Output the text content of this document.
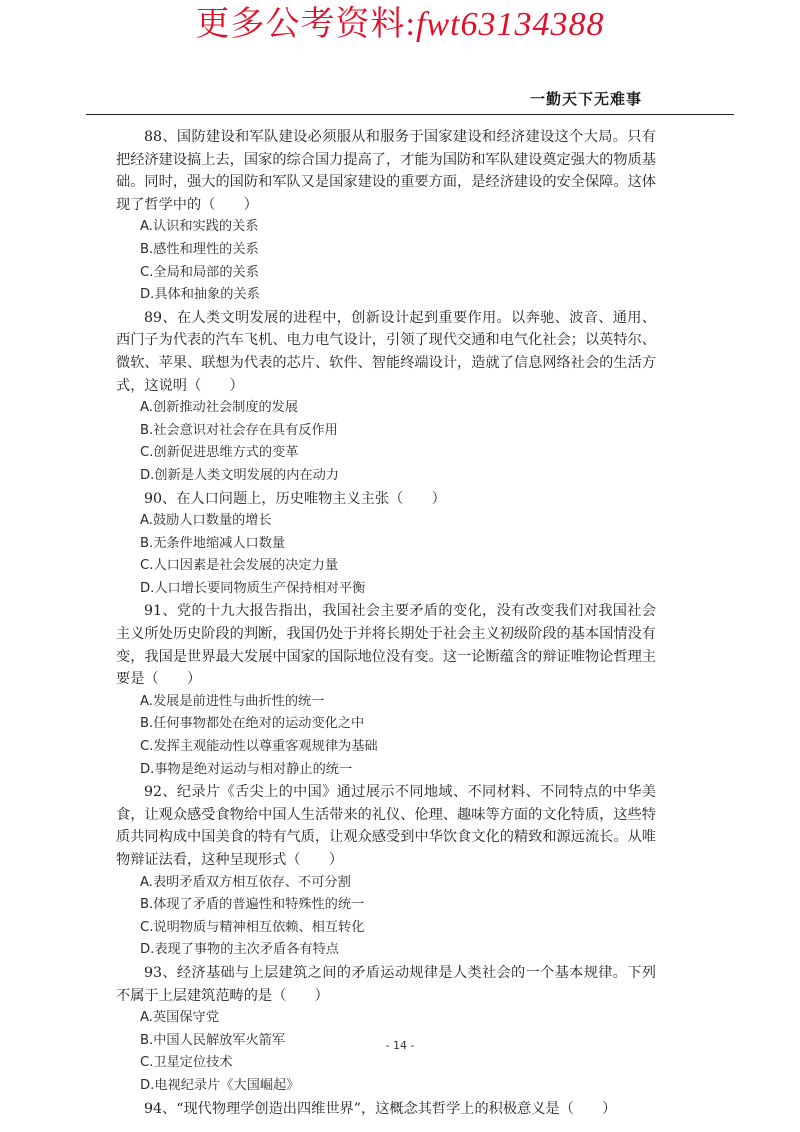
更多公考资料:fwt63134388
一勤天下无难事

88、国防建设和军队建设必须服从和服务于国家建设和经济建设这个大局。只有把经济建设搞上去，国家的综合国力提高了，才能为国防和军队建设奠定强大的物质基础。同时，强大的国防和军队又是国家建设的重要方面，是经济建设的安全保障。这体现了哲学中的（　　）

A.认识和实践的关系

B.感性和理性的关系

C.全局和局部的关系

D.具体和抽象的关系

89、在人类文明发展的进程中，创新设计起到重要作用。以奔驰、波音、通用、西门子为代表的汽车飞机、电力电气设计，引领了现代交通和电气化社会；以英特尔、微软、苹果、联想为代表的芯片、软件、智能终端设计，造就了信息网络社会的生活方式，这说明（　　）

A.创新推动社会制度的发展

B.社会意识对社会存在具有反作用

C.创新促进思维方式的变革

D.创新是人类文明发展的内在动力

90、在人口问题上，历史唯物主义主张（　　）

A.鼓励人口数量的增长

B.无条件地缩减人口数量

C.人口因素是社会发展的决定力量

D.人口增长要同物质生产保持相对平衡

91、党的十九大报告指出，我国社会主要矛盾的变化，没有改变我们对我国社会主义所处历史阶段的判断，我国仍处于并将长期处于社会主义初级阶段的基本国情没有变，我国是世界最大发展中国家的国际地位没有变。这一论断蕴含的辩证唯物论哲理主要是（　　）

A.发展是前进性与曲折性的统一

B.任何事物都处在绝对的运动变化之中

C.发挥主观能动性以尊重客观规律为基础

D.事物是绝对运动与相对静止的统一

92、纪录片《舌尖上的中国》通过展示不同地域、不同材料、不同特点的中华美食，让观众感受食物给中国人生活带来的礼仪、伦理、趣味等方面的文化特质，这些特质共同构成中国美食的特有气质，让观众感受到中华饮食文化的精致和源远流长。从唯物辩证法看，这种呈现形式（　　）

A.表明矛盾双方相互依存、不可分割

B.体现了矛盾的普遍性和特殊性的统一

C.说明物质与精神相互依赖、相互转化

D.表现了事物的主次矛盾各有特点

93、经济基础与上层建筑之间的矛盾运动规律是人类社会的一个基本规律。下列不属于上层建筑范畴的是（　　）

A.英国保守党

B.中国人民解放军火箭军

C.卫星定位技术

D.电视纪录片《大国崛起》

94、“现代物理学创造出四维世界”，这概念其哲学上的积极意义是（　　）

- 14 -
